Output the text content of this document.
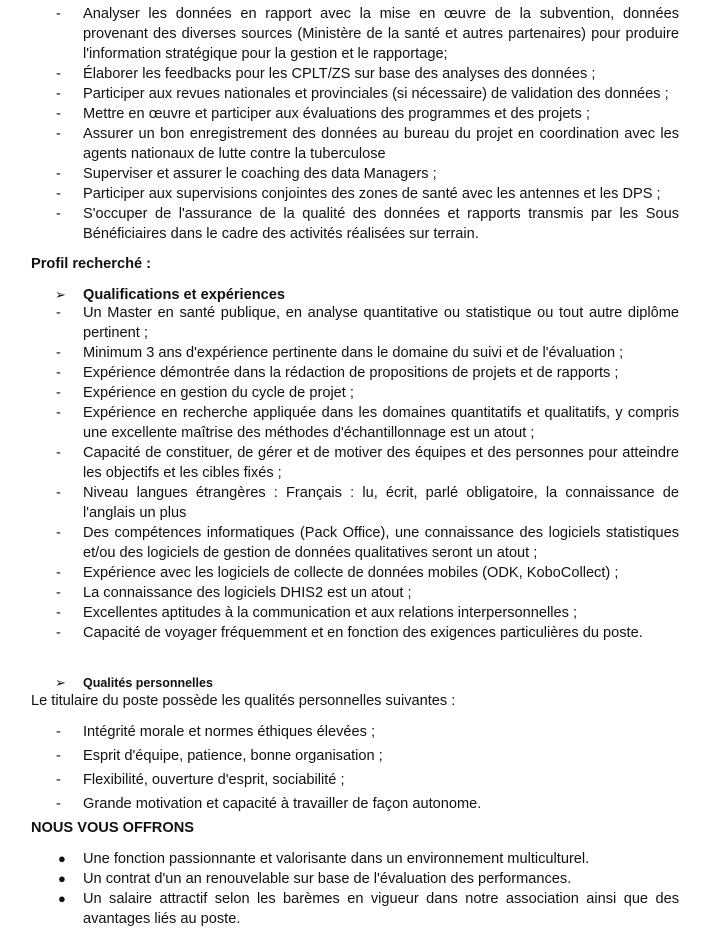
- Analyser les données en rapport avec la mise en œuvre de la subvention, données provenant des diverses sources (Ministère de la santé et autres partenaires) pour produire l'information stratégique pour la gestion et le rapportage;
- Élaborer les feedbacks pour les CPLT/ZS sur base des analyses des données ;
- Participer aux revues nationales et provinciales (si nécessaire) de validation des données ;
- Mettre en œuvre et participer aux évaluations des programmes et des projets ;
- Assurer un bon enregistrement des données au bureau du projet en coordination avec les agents nationaux de lutte contre la tuberculose
- Superviser et assurer le coaching des data Managers ;
- Participer aux supervisions conjointes des zones de santé avec les antennes et les DPS ;
- S'occuper de l'assurance de la qualité des données et rapports transmis par les Sous Bénéficiaires dans le cadre des activités réalisées sur terrain.
Profil recherché :
➢ Qualifications et expériences
- Un Master en santé publique, en analyse quantitative ou statistique ou tout autre diplôme pertinent ;
- Minimum 3 ans d'expérience pertinente dans le domaine du suivi et de l'évaluation ;
- Expérience démontrée dans la rédaction de propositions de projets et de rapports ;
- Expérience en gestion du cycle de projet ;
- Expérience en recherche appliquée dans les domaines quantitatifs et qualitatifs, y compris une excellente maîtrise des méthodes d'échantillonnage est un atout ;
- Capacité de constituer, de gérer et de motiver des équipes et des personnes pour atteindre les objectifs et les cibles fixés ;
- Niveau langues étrangères : Français : lu, écrit, parlé obligatoire, la connaissance de l'anglais un plus
- Des compétences informatiques (Pack Office), une connaissance des logiciels statistiques et/ou des logiciels de gestion de données qualitatives seront un atout ;
- Expérience avec les logiciels de collecte de données mobiles (ODK, KoboCollect) ;
- La connaissance des logiciels DHIS2 est un atout ;
- Excellentes aptitudes à la communication et aux relations interpersonnelles ;
- Capacité de voyager fréquemment et en fonction des exigences particulières du poste.
➢ Qualités personnelles
Le titulaire du poste possède les qualités personnelles suivantes :
- Intégrité morale et normes éthiques élevées ;
- Esprit d'équipe, patience, bonne organisation ;
- Flexibilité, ouverture d'esprit, sociabilité ;
- Grande motivation et capacité à travailler de façon autonome.
NOUS VOUS OFFRONS
● Une fonction passionnante et valorisante dans un environnement multiculturel.
● Un contrat d'un an renouvelable sur base de l'évaluation des performances.
● Un salaire attractif selon les barèmes en vigueur dans notre association ainsi que des avantages liés au poste.
